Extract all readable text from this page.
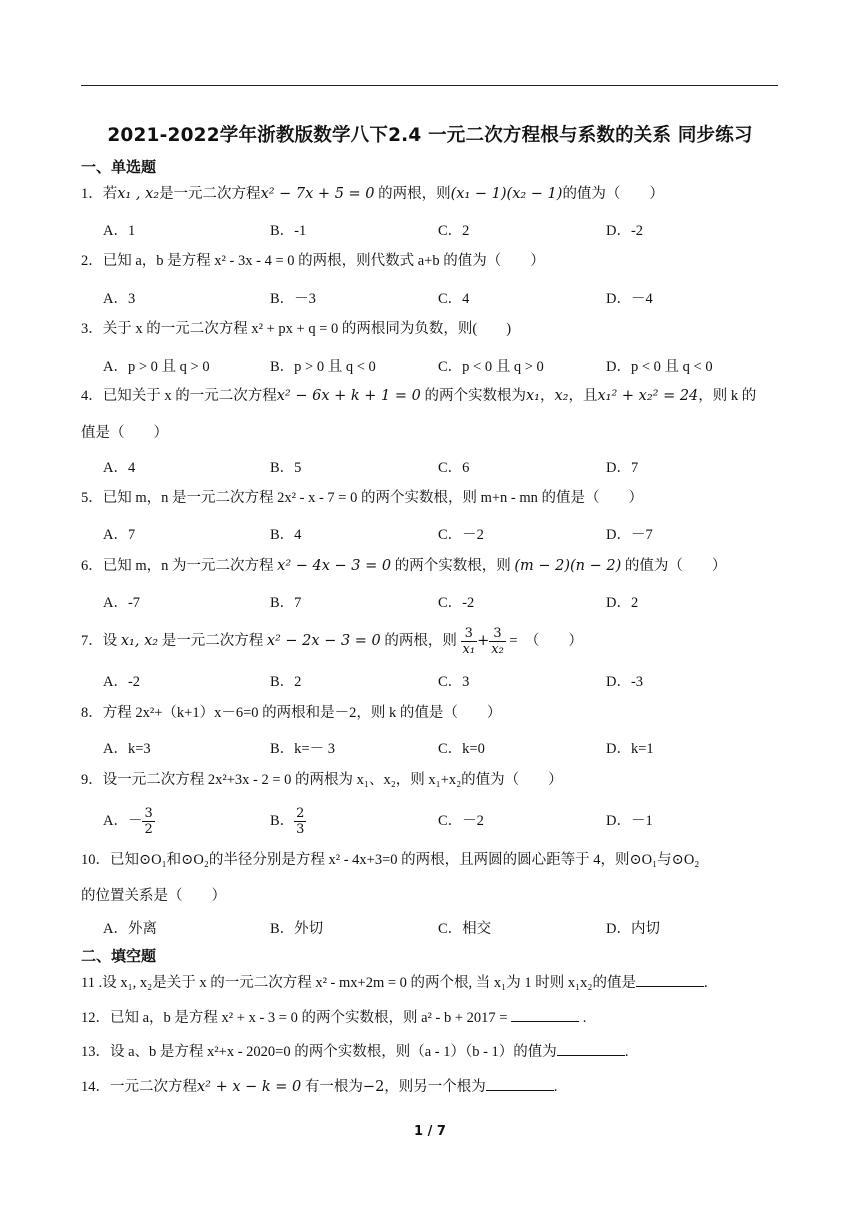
2021-2022学年浙教版数学八下2.4 一元二次方程根与系数的关系 同步练习
一、单选题
1．若x₁ , x₂是一元二次方程x² − 7x + 5 = 0 的两根，则(x₁ − 1)(x₂ − 1)的值为（　　）
A．1	B．-1	C．2	D．-2
2．已知 a，b 是方程 x² - 3x - 4 = 0 的两根，则代数式 a+b 的值为（　　）
A．3	B．－3	C．4	D．－4
3．关于 x 的一元二次方程 x² + px + q = 0 的两根同为负数，则(　　)
A．p > 0 且 q > 0	B．p > 0 且 q < 0	C．p < 0 且 q > 0	D．p < 0 且 q < 0
4．已知关于 x 的一元二次方程x² − 6x + k + 1 = 0 的两个实数根为x₁，x₂，且x₁² + x₂² = 24，则 k 的
值是（　　）
A．4	B．5	C．6	D．7
5．已知 m，n 是一元二次方程 2x² - x - 7 = 0 的两个实数根，则 m+n - mn 的值是（　　）
A．7	B．4	C．－2	D．－7
6．已知 m，n 为一元二次方程 x² − 4x − 3 = 0 的两个实数根，则 (m − 2)(n − 2) 的值为（　　）
A．-7	B．7	C．-2	D．2
7．设 x₁, x₂ 是一元二次方程 x² − 2x − 3 = 0 的两根，则 $\frac{3}{\text{x₁}} + \frac{3}{\text{x₂}}$ =　（　　）
A．-2	B．2	C．3	D．-3
8．方程 2x²+（k+1）x－6=0 的两根和是－2，则 k 的值是（　　）
A．k=3	B．k=－ 3	C．k=0	D．k=1
9．设一元二次方程 2x²+3x - 2 = 0 的两根为 x₁、x₂，则 x₁+x₂的值为（　　）
A．－ $\frac{3}{2}$	B． $\frac{2}{3}$	C．－2	D．－1
10．已知⊙O₁和⊙O₂的半径分别是方程 x² - 4x+3=0 的两根，且两圆的圆心距等于 4，则⊙O₁与⊙O₂
的位置关系是（　　）
A．外离	B．外切	C．相交	D．内切
二、填空题
11 .设 x₁, x₂是关于 x 的一元二次方程 x² - mx+2m = 0 的两个根, 当 x₁为 1 时则 x₁x₂的值是	.
12．已知 a，b 是方程 x² + x - 3 = 0 的两个实数根，则 a² - b + 2017 =	.
13．设 a、b 是方程 x²+x - 2020=0 的两个实数根，则（a - 1）（b - 1）的值为	.
14．一元二次方程x² + x − k = 0 有一根为−2，则另一个根为	.
1 / 7
